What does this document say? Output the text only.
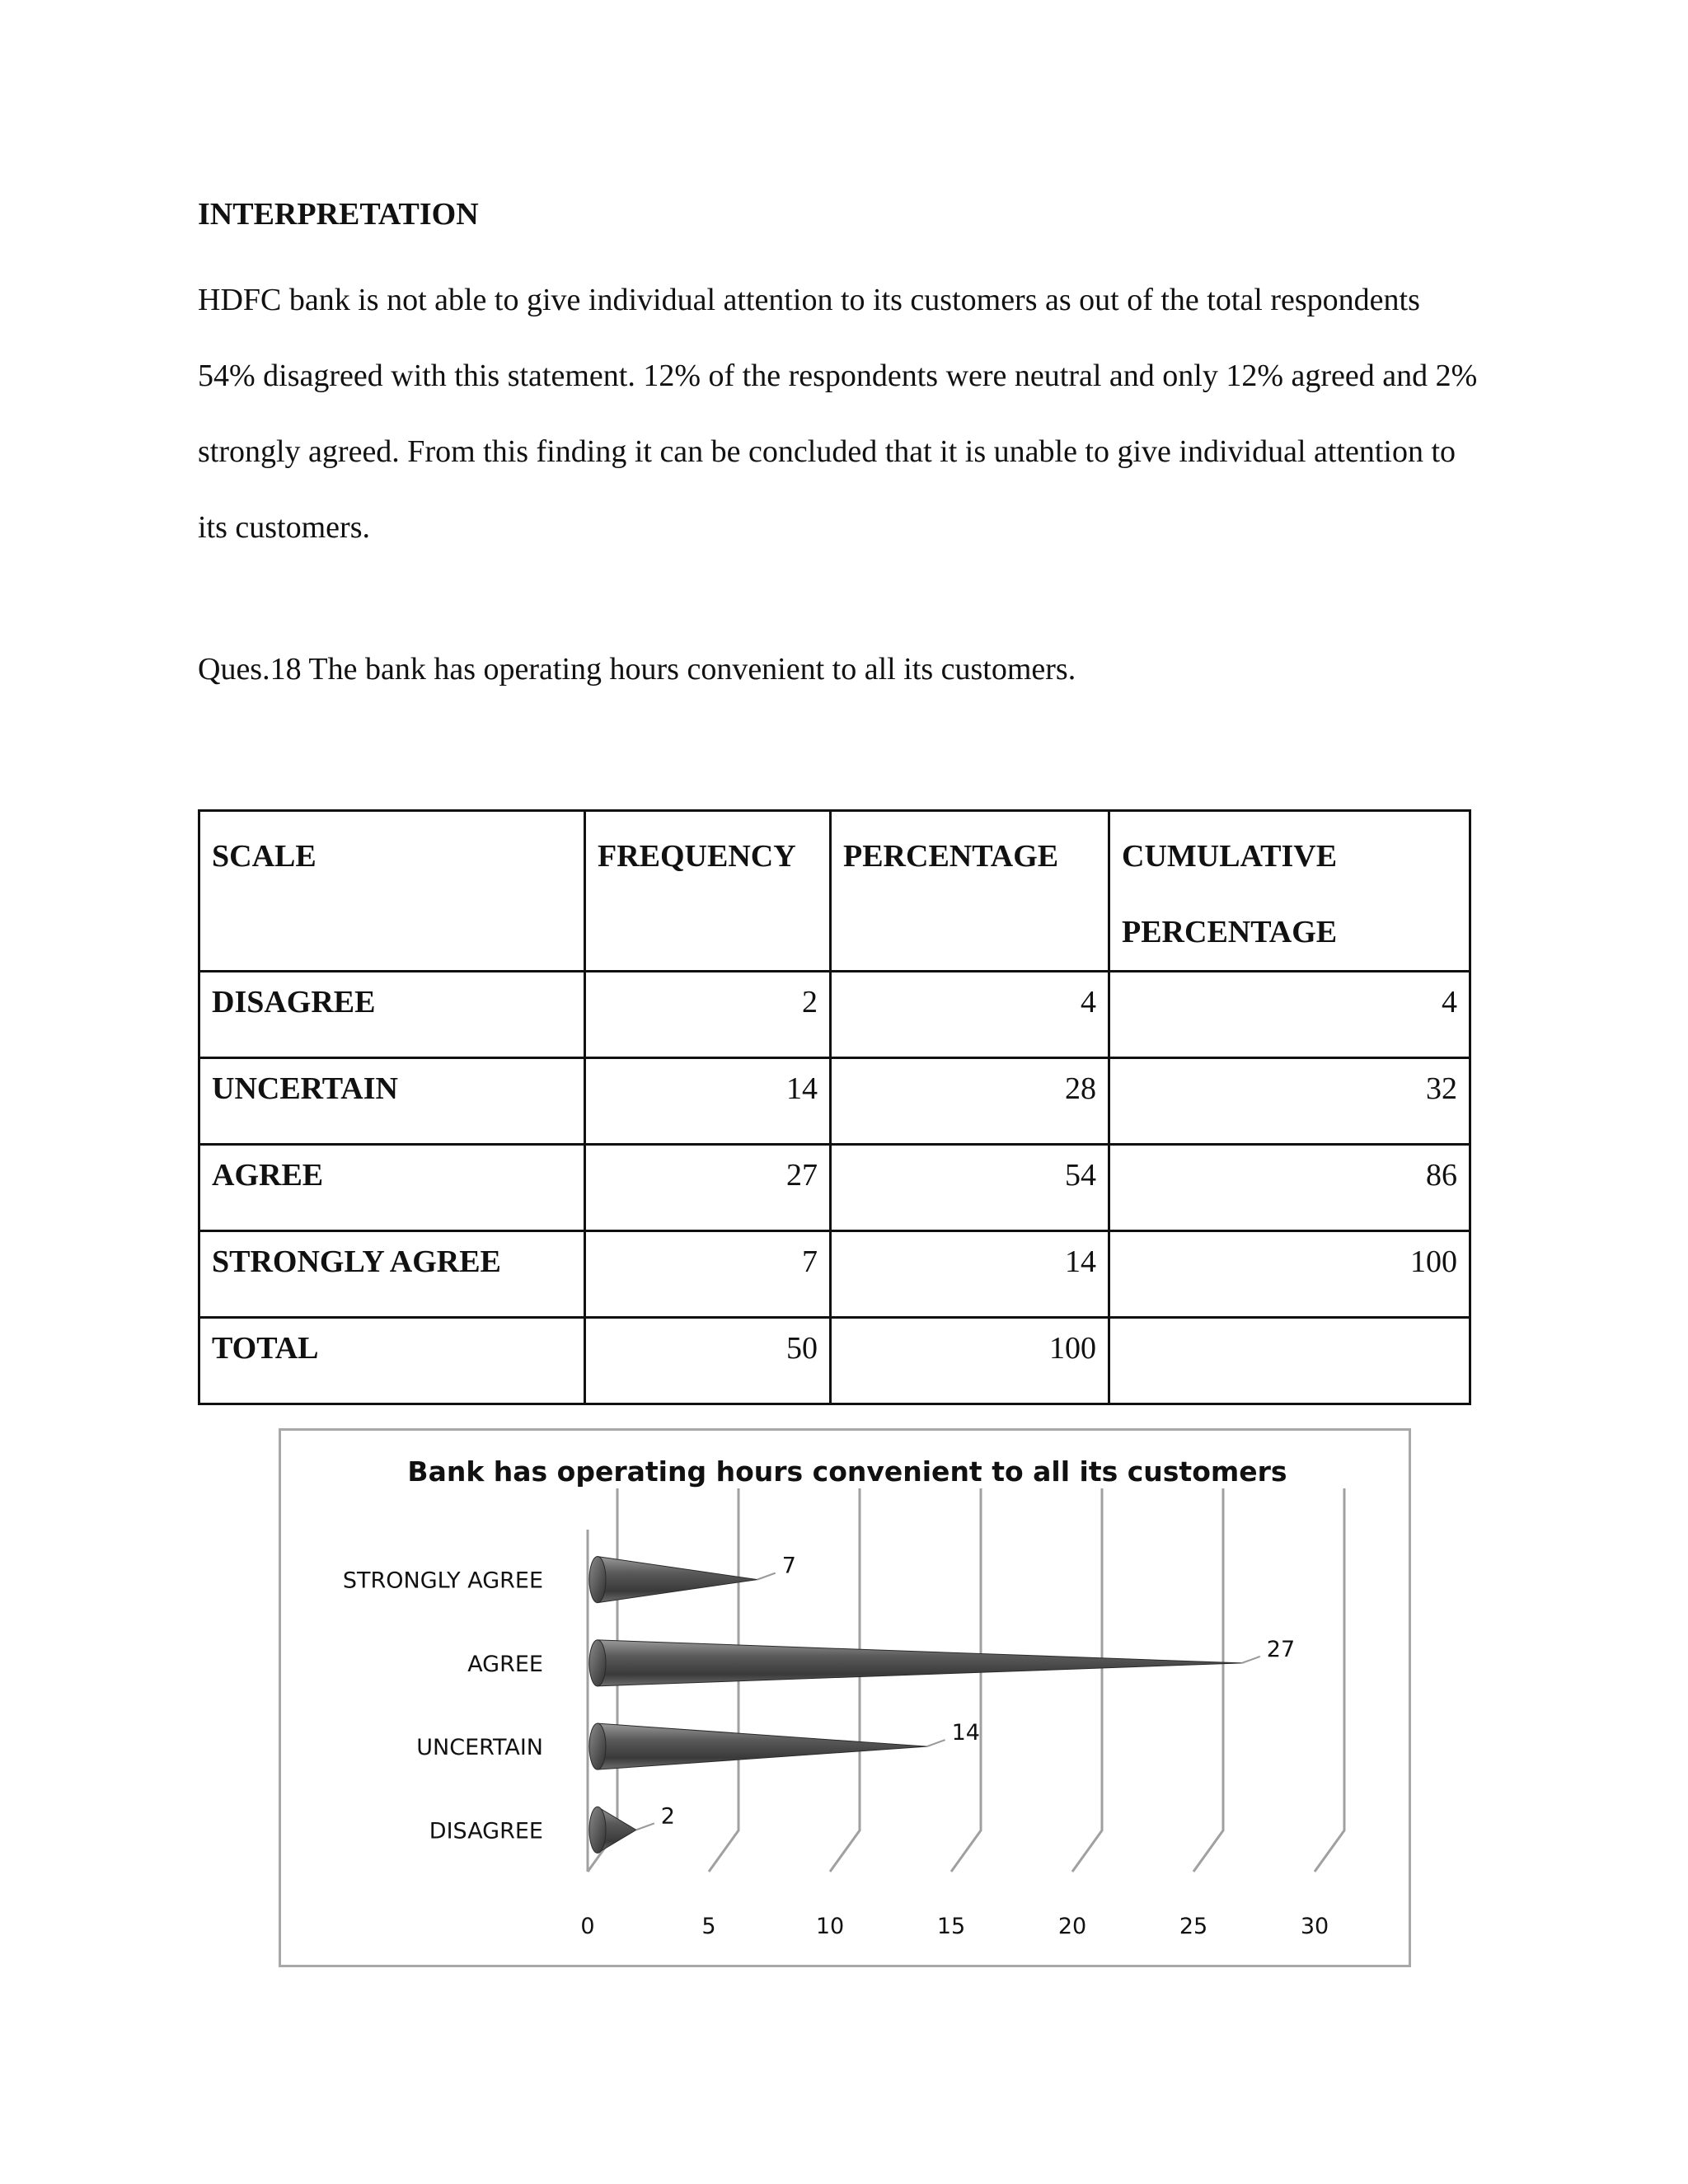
INTERPRETATION

HDFC bank is not able to give individual attention to its customers as out of the total respondents 54% disagreed with this statement. 12% of the respondents were neutral and only 12% agreed and 2% strongly agreed. From this finding it can be concluded that it is unable to give individual attention to its customers.

Ques.18 The bank has operating hours convenient to all its customers.

SCALE	FREQUENCY	PERCENTAGE	CUMULATIVE
PERCENTAGE

DISAGREE	2	4	4
UNCERTAIN	14	28	32
AGREE	27	54	86
STRONGLY AGREE	7	14	100
TOTAL	50	100	
Bank has operating hours convenient to all its customers
0	5	10	15	20	25	30
DISAGREE
UNCERTAIN
AGREE
STRONGLY AGREE
2
14
27
7
